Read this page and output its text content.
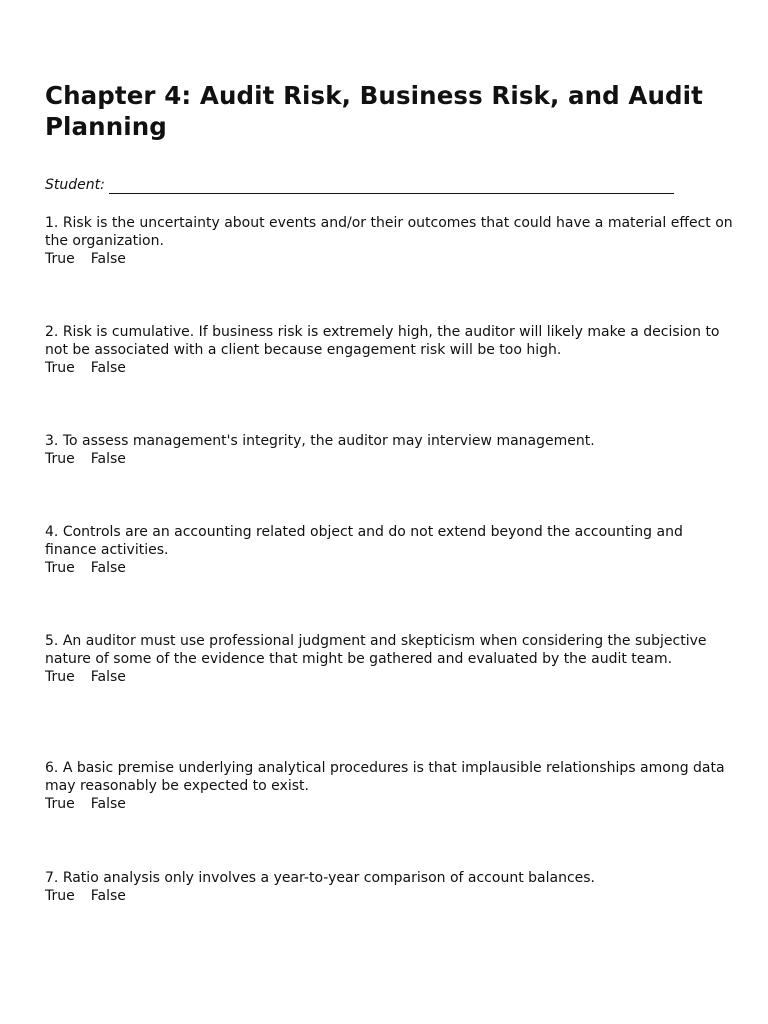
Chapter 4: Audit Risk, Business Risk, and Audit Planning
Student:

1. Risk is the uncertainty about events and/or their outcomes that could have a material effect on the organization.

True False

2. Risk is cumulative. If business risk is extremely high, the auditor will likely make a decision to not be associated with a client because engagement risk will be too high.

True False

3. To assess management's integrity, the auditor may interview management.

True False

4. Controls are an accounting related object and do not extend beyond the accounting and finance activities.

True False

5. An auditor must use professional judgment and skepticism when considering the subjective nature of some of the evidence that might be gathered and evaluated by the audit team.

True False

6. A basic premise underlying analytical procedures is that implausible relationships among data may reasonably be expected to exist.

True False

7. Ratio analysis only involves a year-to-year comparison of account balances.

True False
